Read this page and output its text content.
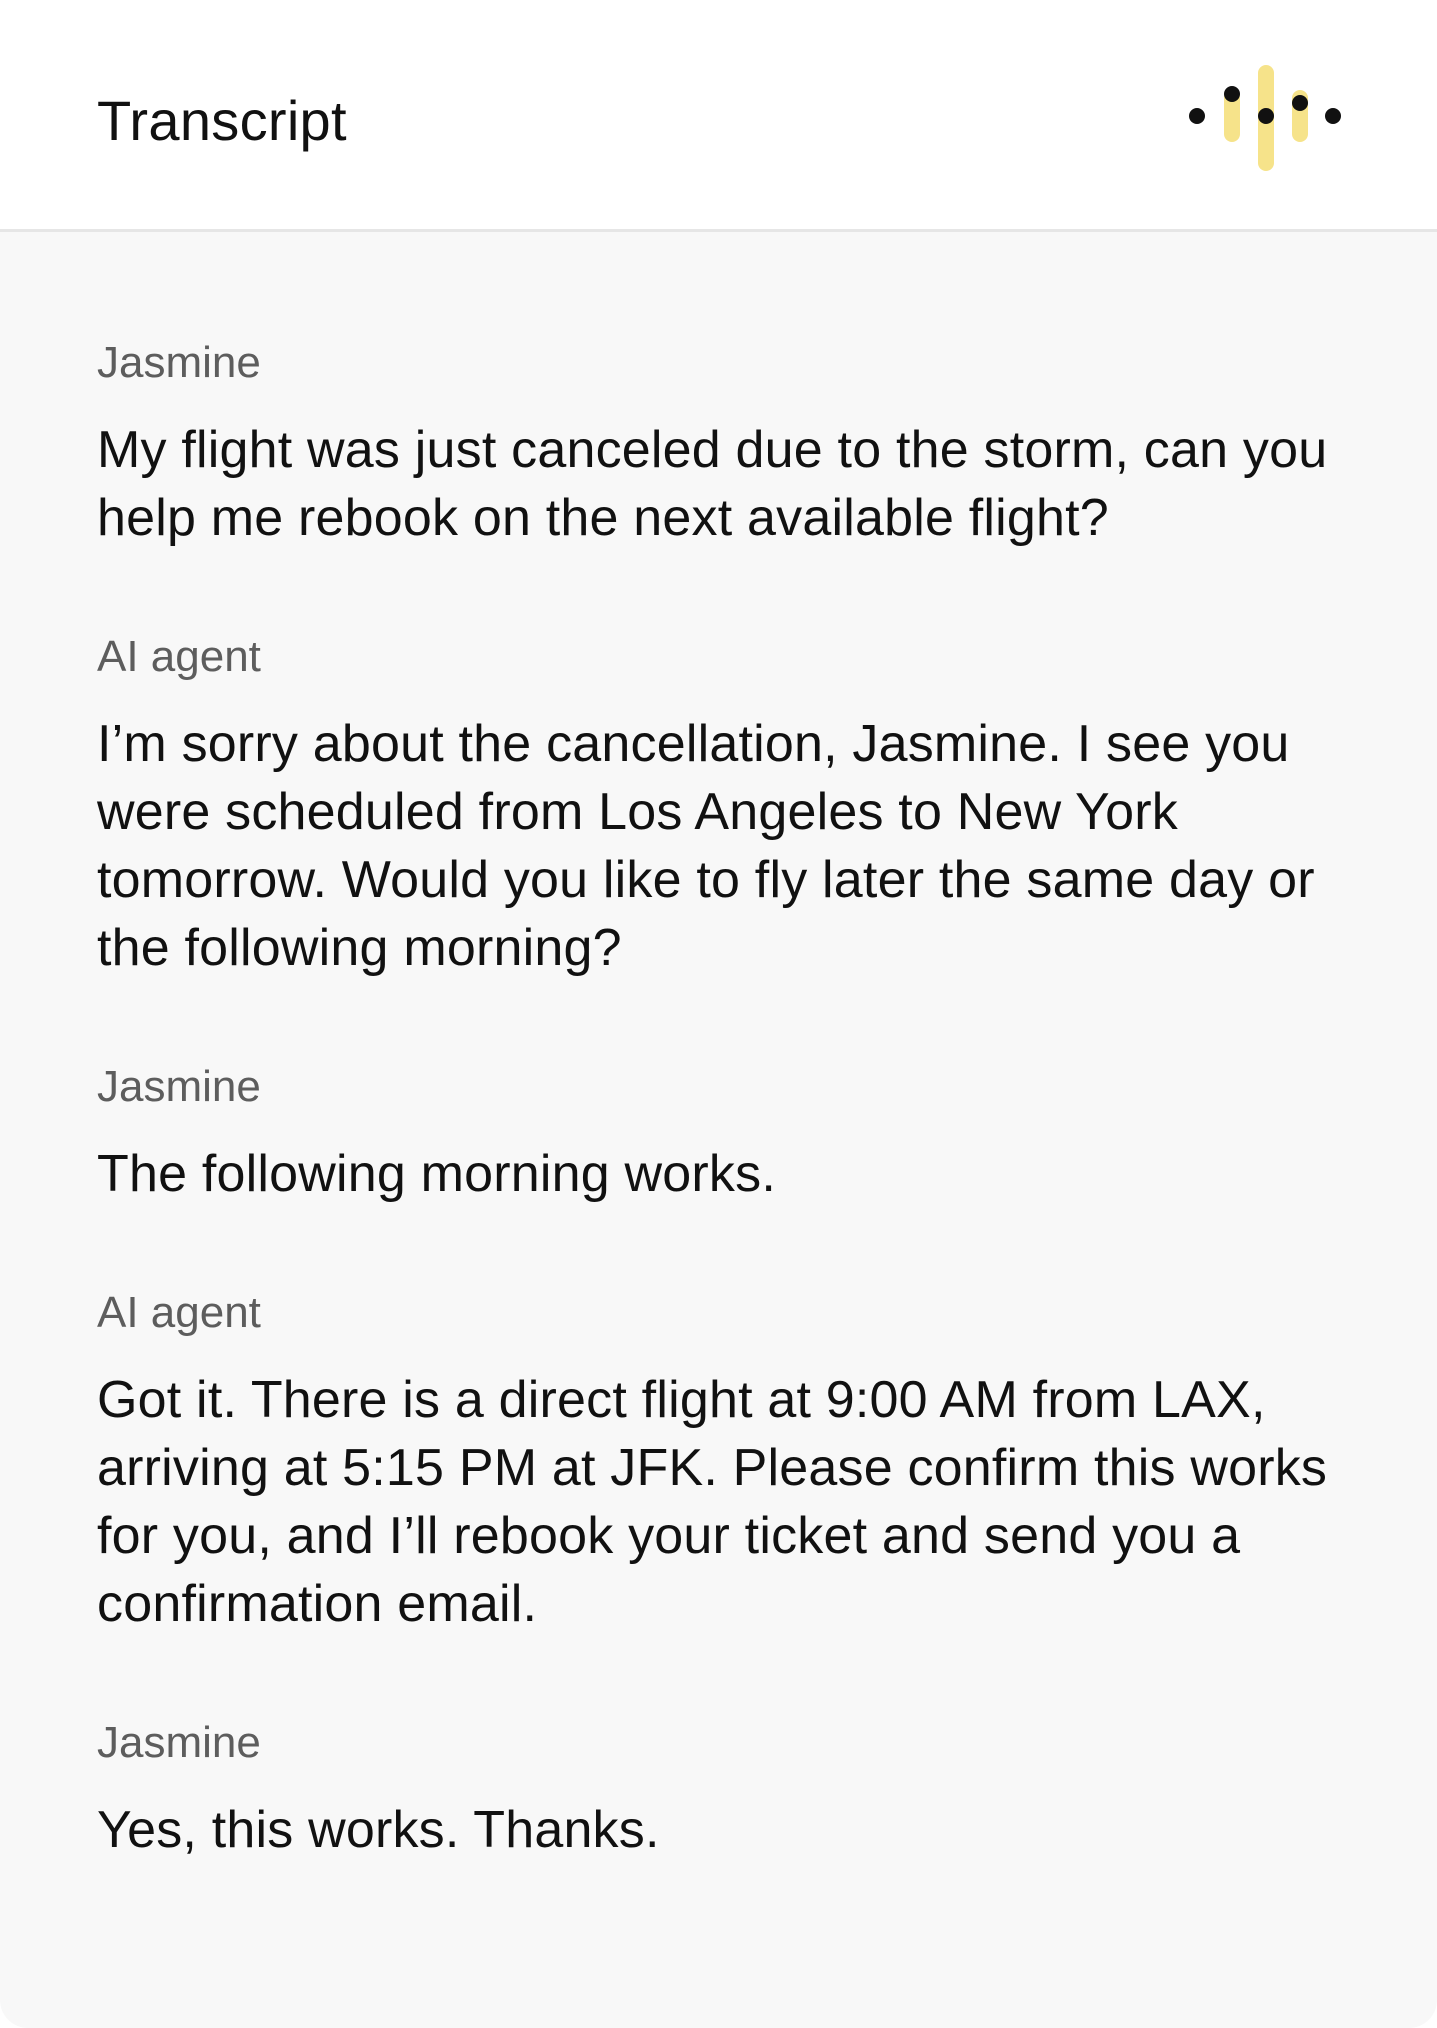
Transcript
Jasmine
My flight was just canceled due to the storm, can you help me rebook on the next available flight?
AI agent
I’m sorry about the cancellation, Jasmine. I see you were scheduled from Los Angeles to New York tomorrow. Would you like to fly later the same day or the following morning?
Jasmine
The following morning works.
AI agent
Got it. There is a direct flight at 9:00 AM from LAX, arriving at 5:15 PM at JFK. Please confirm this works for you, and I’ll rebook your ticket and send you a confirmation email.
Jasmine
Yes, this works. Thanks.
